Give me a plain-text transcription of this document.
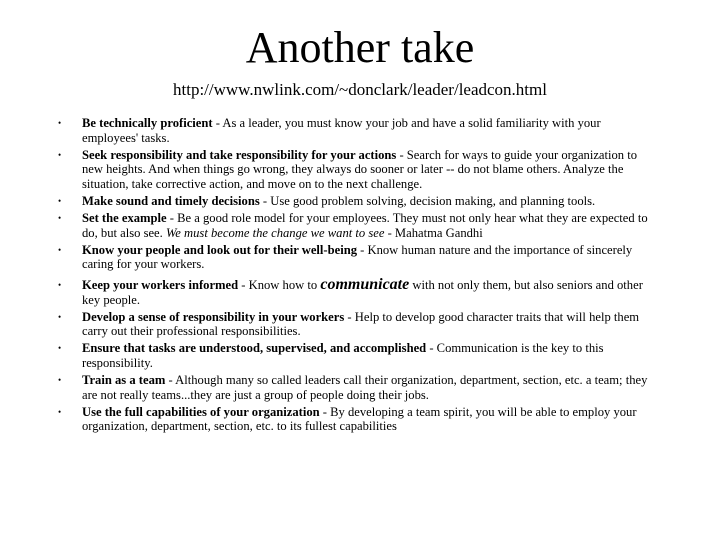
Another take
http://www.nwlink.com/~donclark/leader/leadcon.html
• Be technically proficient - As a leader, you must know your job and have a solid familiarity with your employees' tasks.
• Seek responsibility and take responsibility for your actions - Search for ways to guide your organization to new heights. And when things go wrong, they always do sooner or later -- do not blame others. Analyze the situation, take corrective action, and move on to the next challenge.
• Make sound and timely decisions - Use good problem solving, decision making, and planning tools.
• Set the example - Be a good role model for your employees. They must not only hear what they are expected to do, but also see. We must become the change we want to see - Mahatma Gandhi
• Know your people and look out for their well-being - Know human nature and the importance of sincerely caring for your workers.
• Keep your workers informed - Know how to communicate with not only them, but also seniors and other key people.
• Develop a sense of responsibility in your workers - Help to develop good character traits that will help them carry out their professional responsibilities.
• Ensure that tasks are understood, supervised, and accomplished - Communication is the key to this responsibility.
• Train as a team - Although many so called leaders call their organization, department, section, etc. a team; they are not really teams...they are just a group of people doing their jobs.
• Use the full capabilities of your organization - By developing a team spirit, you will be able to employ your organization, department, section, etc. to its fullest capabilities
